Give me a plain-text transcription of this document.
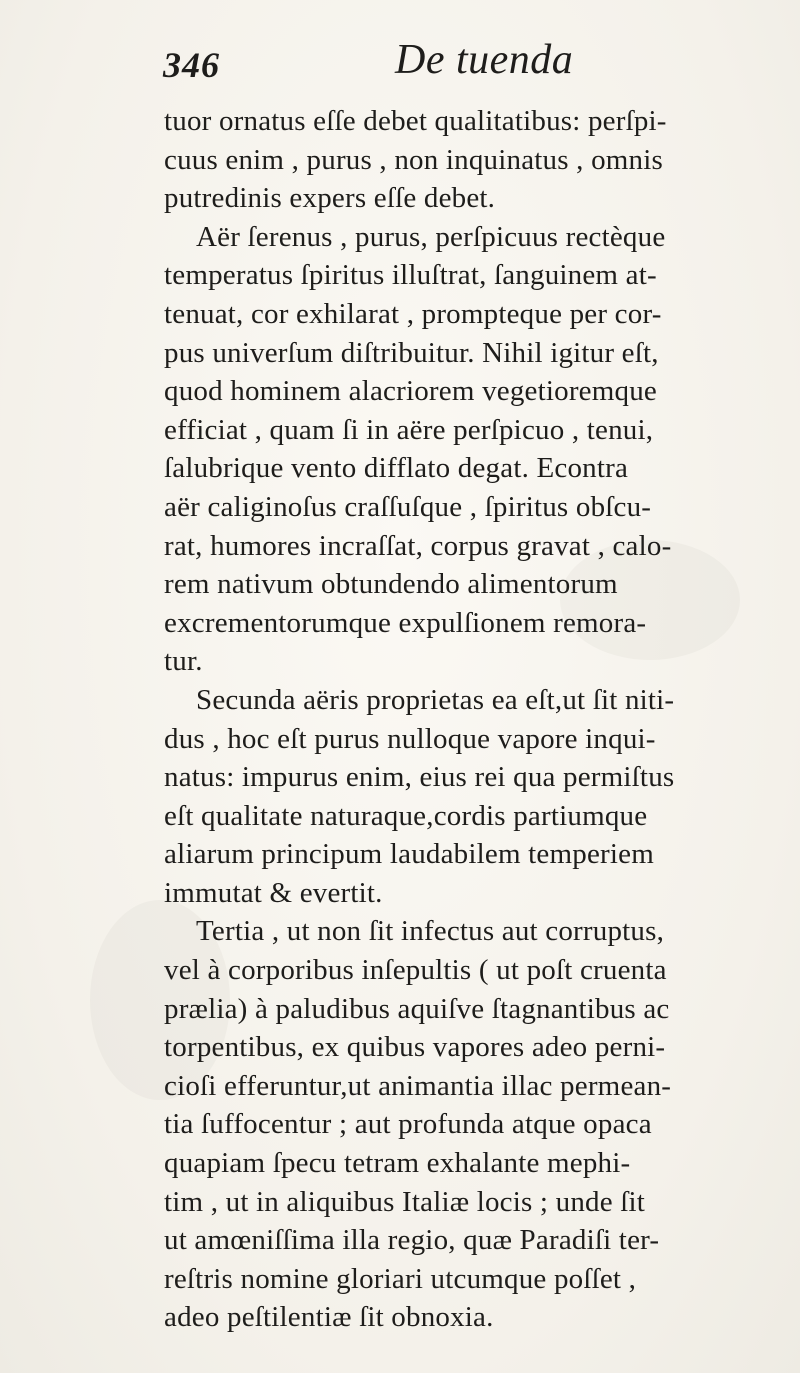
346	De tuenda
tuor ornatus eſſe debet qualitatibus: perſpi-
cuus enim , purus , non inquinatus , omnis
putredinis expers eſſe debet.
Aër ſerenus , purus, perſpicuus rectèque
temperatus ſpiritus illuſtrat, ſanguinem at-
tenuat, cor exhilarat , prompteque per cor-
pus univerſum diſtribuitur. Nihil igitur eſt,
quod hominem alacriorem vegetioremque
efficiat , quam ſi in aëre perſpicuo , tenui,
ſalubrique vento difflato degat. Econtra
aër caliginoſus craſſuſque , ſpiritus obſcu-
rat, humores incraſſat, corpus gravat , calo-
rem nativum obtundendo alimentorum
excrementorumque expulſionem remora-
tur.
Secunda aëris proprietas ea eſt,ut ſit niti-
dus , hoc eſt purus nulloque vapore inqui-
natus: impurus enim, eius rei qua permiſtus
eſt qualitate naturaque,cordis partiumque
aliarum principum laudabilem temperiem
immutat & evertit.
Tertia , ut non ſit infectus aut corruptus,
vel à corporibus inſepultis ( ut poſt cruenta
prælia) à paludibus aquiſve ſtagnantibus ac
torpentibus, ex quibus vapores adeo perni-
cioſi efferuntur,ut animantia illac permean-
tia ſuffocentur ; aut profunda atque opaca
quapiam ſpecu tetram exhalante mephi-
tim , ut in aliquibus Italiæ locis ; unde ſit
ut amœniſſima illa regio, quæ Paradiſi ter-
reſtris nomine gloriari utcumque poſſet ,
adeo peſtilentiæ ſit obnoxia.
